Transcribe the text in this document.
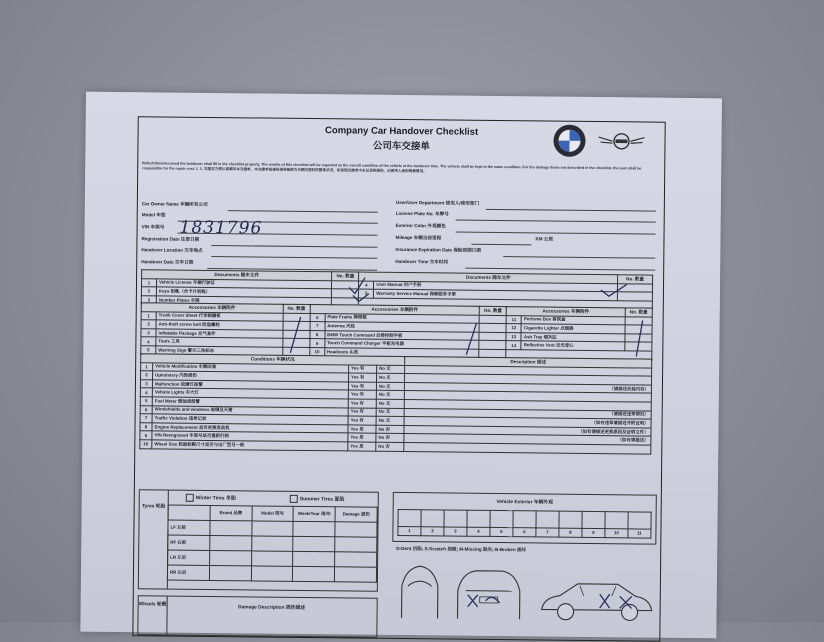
Company Car Handover Checklist
公司车交接单
Refer/inform/received the handover shall fill in the checklist properly. The results of this checklist will be regarded as the overall condition of the vehicle at the handover time. The vehicle shall be kept in the same condition. For the damage items not described in the checklist, the user shall be responsible for the repair cost. 1. 1. 交接双方须认真填写本交接单，本交接单检查结果将被视为车辆交接时的整体状况，如发现交接单中未记录的损伤，由使用人承担维修费用。
Car Owner Name 车辆所有公司
Model 车型
VIN 车架号 1831796
Registration Date 注册日期
Handover Location 交车地点
Handover Date 交车日期
User/User Department 使用人/使用部门
License Plate No. 车牌号
Exterior Color 外观颜色
Mileage 车辆当前里程	KM 公里
Insurance Expiration Date 保险到期日期
Handover Time 交车时间
Documents 随车文件		No. 数量	Documents 随车文件		No. 数量
1	Vehicle License 车辆行驶证		4	User Manual 用户手册	
2	Keys 钥匙（含卡片钥匙）		5	Warranty Service Manual 保修服务手册	
3	Number Plates 车牌				
Accessories 车辆附件		No. 数量	Accessories 车辆附件		No. 数量	Accessories 车辆附件		No. 数量
1	Trunk Cover Sheet 行李箱隔板		6	Plate Frame 牌照框		11	Perfume Box 香氛盒	
2	Anti-theft screw bolt 防盗螺栓		7	Antenna 天线		12	Cigarette Lighter 点烟器	
3	Inflatable Package 充气套件		8	BMW Touch Command 后排控制平板		13	Ash Tray 烟灰缸	
4	Tools 工具		9	Touch Command Charger 平板充电器		14	Reflective Vest 反光背心	
5	Warning Sign 警示三角标志		10	Headrests 头枕				
Conditions 车辆状况				Description 描述
1	Vehicle Modification 车辆改装	Yes 有	No 无	
2	Upholstery 内饰损伤	Yes 有	No 无	
3	Malfunction 故障灯报警	Yes 有	No 无	（请描述改装内容）
4	Vehicle Lights 车大灯	Yes 有	No 无	
5	Fuel Meter 燃油表报警	Yes 有	No 无	
6	Windshields and windows 玻璃及天窗	Yes 有	No 无	（请描述违章情况）
7	Traffic Violation 违章记录	Yes 有	No 无	（如有违章请描述并附证明）
8	Engine Replacement 是否更换发动机	Yes 是	No 否	（如有请描述更换原因及证明文件）
9	VIN Reengraved 车架号是否重新打刻	Yes 是	No 否	（如有请描述）
10	Wheel Size 轮胎轮毂尺寸是否与出厂型号一致	Yes 是	No 否	
Tyres 轮胎
Winter Tires 冬胎	Summer Tires 夏胎
	Brand 品牌	Model 型号	Week/Year 周/年	Damage 损伤
LF 左前				
RF 右前				
LR 左后				
RR 右后				
Vehicle Exterior 车辆外观

1	2	3	4	5	6	7	8	9	10	11
D-Dent 凹陷; S-Scratch 划痕; M-Missing 缺失; B-Broken 损坏
Wheels 轮毂
Damage Description 损伤描述
